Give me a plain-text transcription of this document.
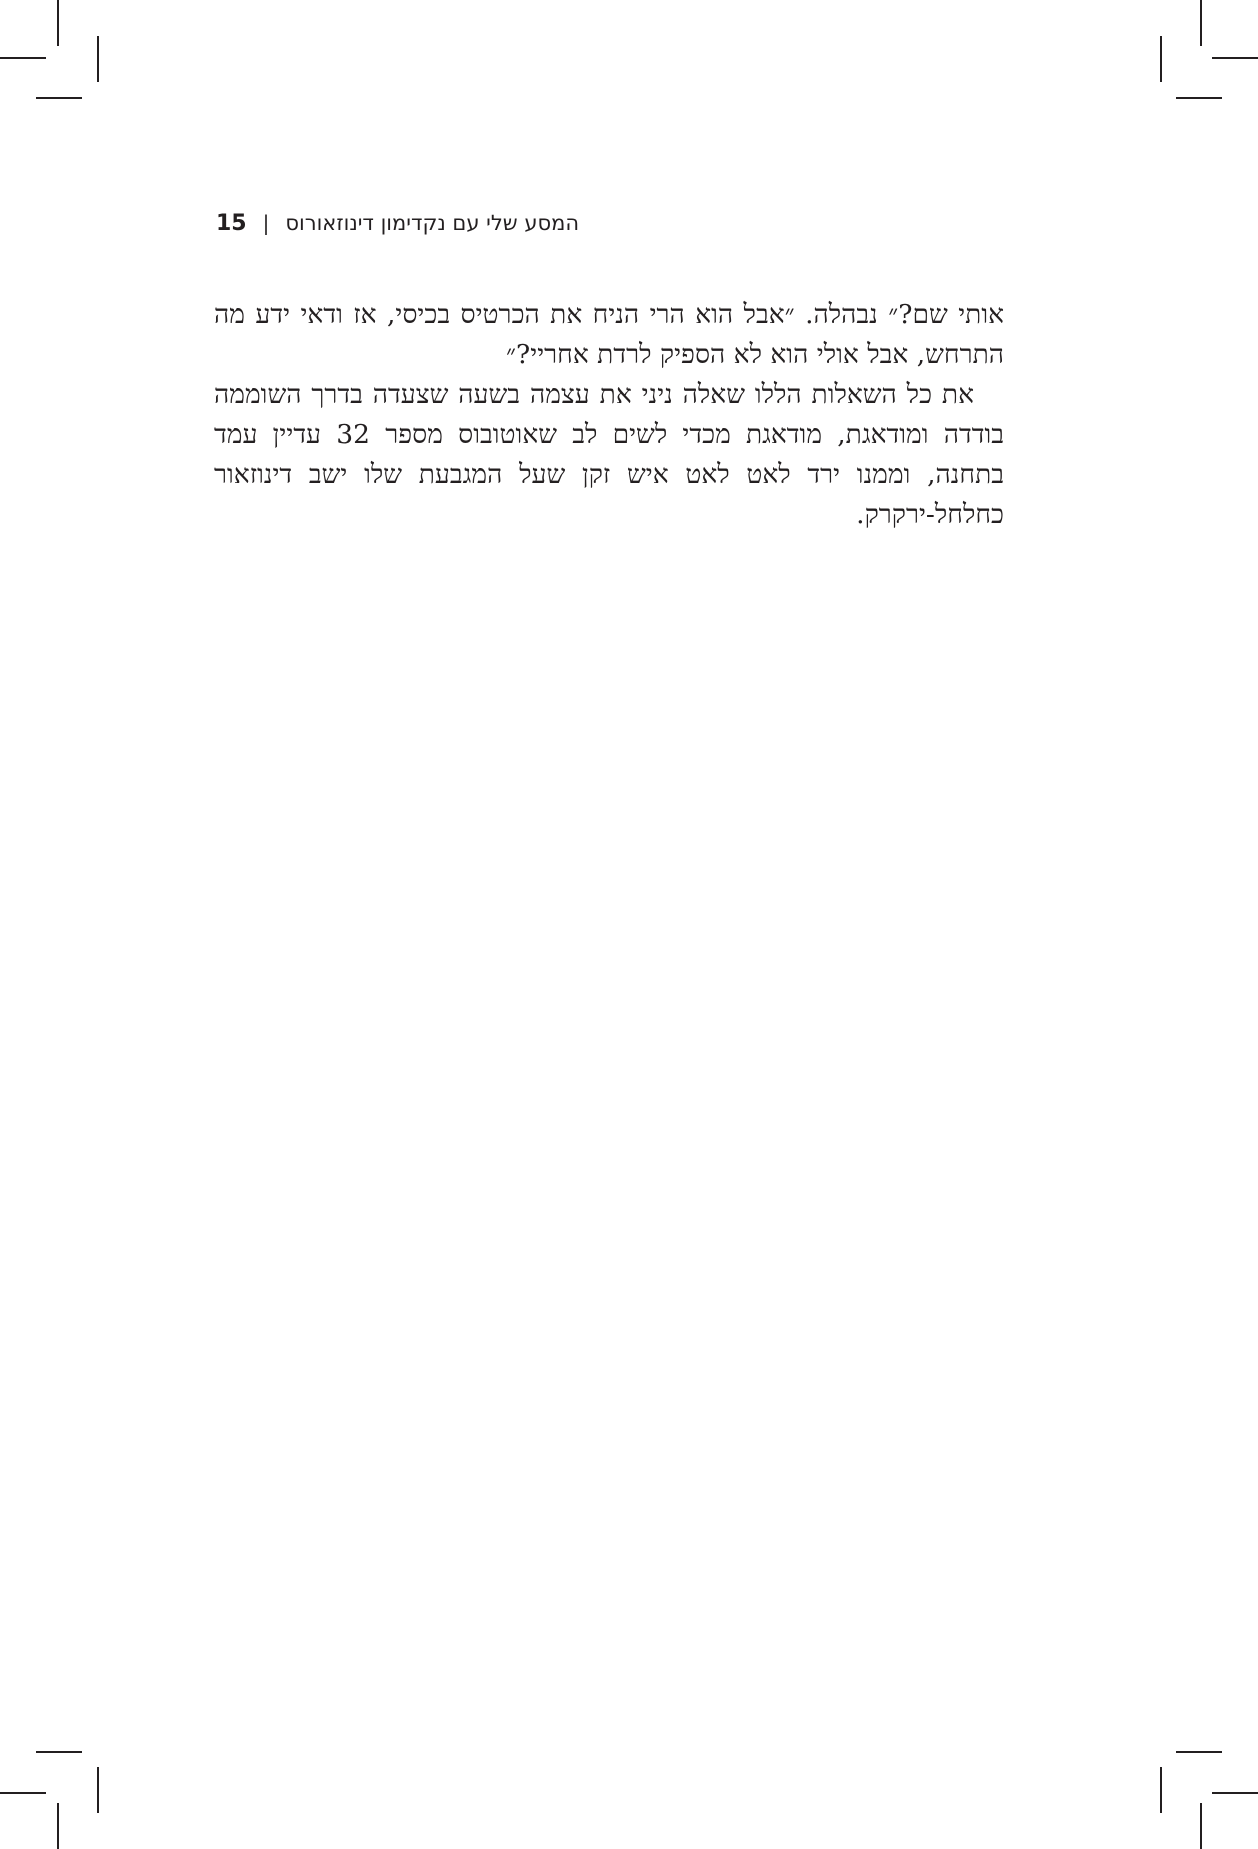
15 | המסע שלי עם נקדימון דינוזאורוס

אותי שם?״ נבהלה. ״אבל הוא הרי הניח את הכרטיס בכיסי, אז ודאי ידע מה התרחש, אבל אולי הוא לא הספיק לרדת אחריי?״

את כל השאלות הללו שאלה ניני את עצמה בשעה שצעדה בדרך השוממה בודדה ומודאגת, מודאגת מכדי לשים לב שאוטובוס מספר 32 עדיין עמד בתחנה, וממנו ירד לאט לאט איש זקן שעל המגבעת שלו ישב דינוזאור כחלחל-ירקרק.
